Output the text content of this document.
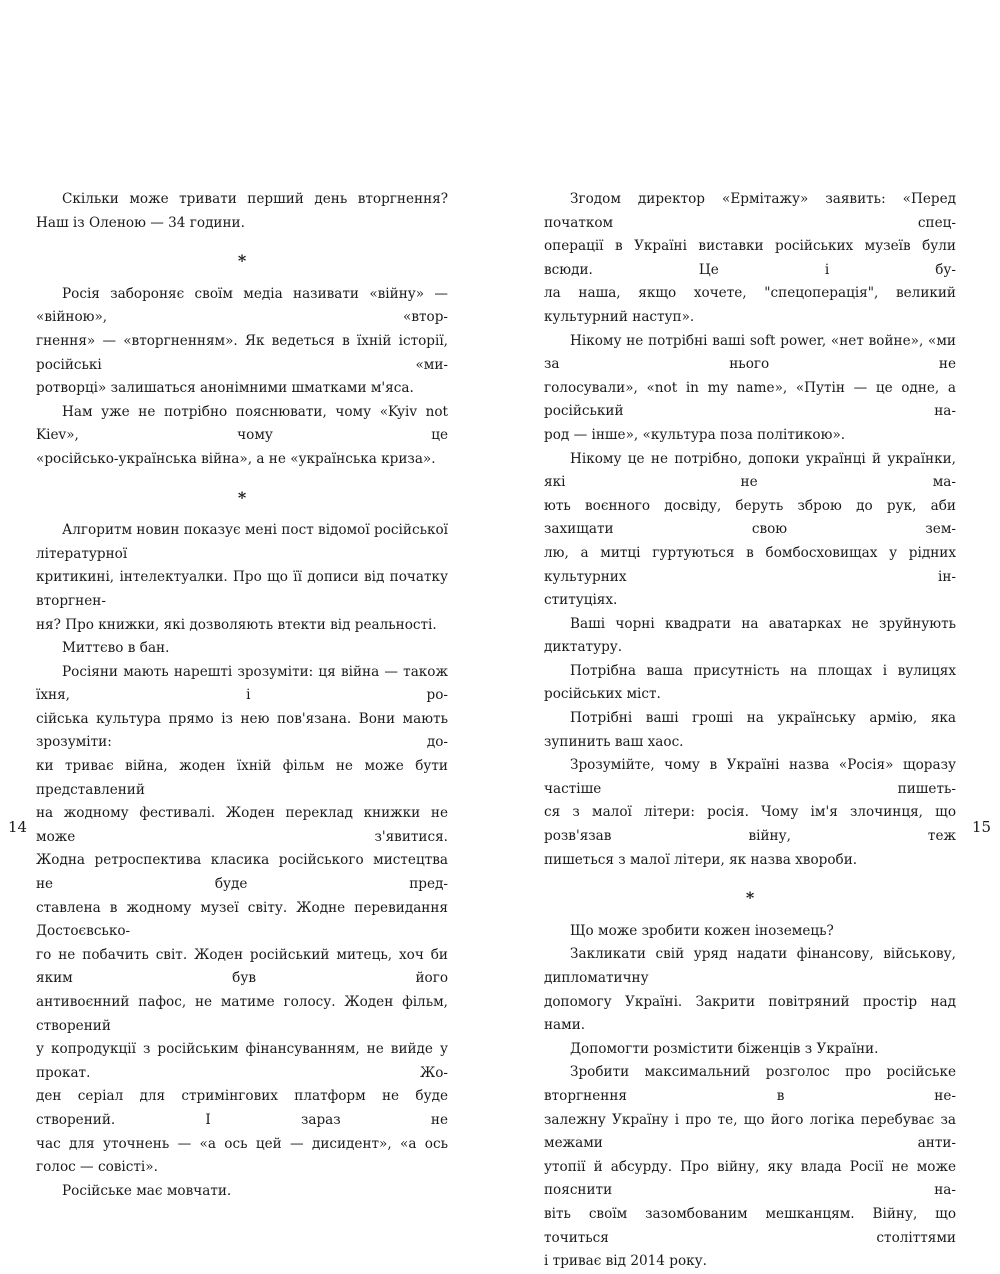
Скільки може тривати перший день вторгнення?
Наш із Оленою — 34 години.
*
Росія забороняє своїм медіа називати «війну» — «війною», «втор-
гнення» — «вторгненням». Як ведеться в їхній історії, російські «ми-
ротворці» залишаться анонімними шматками м'яса.
Нам уже не потрібно пояснювати, чому «Kyiv not Kiev», чому це
«російсько-українська війна», а не «українська криза».
*
Алгоритм новин показує мені пост відомої російської літературної
критикині, інтелектуалки. Про що її дописи від початку вторгнен-
ня? Про книжки, які дозволяють втекти від реальності.
Миттєво в бан.
Росіяни мають нарешті зрозуміти: ця війна — також їхня, і ро-
сійська культура прямо із нею пов'язана. Вони мають зрозуміти: до-
ки триває війна, жоден їхній фільм не може бути представлений
на жодному фестивалі. Жоден переклад книжки не може з'явитися.
Жодна ретроспектива класика російського мистецтва не буде пред-
ставлена в жодному музеї світу. Жодне перевидання Достоєвсько-
го не побачить світ. Жоден російський митець, хоч би яким був його
антивоєнний пафос, не матиме голосу. Жоден фільм, створений
у копродукції з російським фінансуванням, не вийде у прокат. Жо-
ден серіал для стримінгових платформ не буде створений. І зараз не
час для уточнень — «а ось цей — дисидент», «а ось голос — совісті».
Російське має мовчати.
Згодом директор «Ермітажу» заявить: «Перед початком спец-
операції в Україні виставки російських музеїв були всюди. Це і бу-
ла наша, якщо хочете, "спецоперація", великий культурний наступ».
Нікому не потрібні ваші soft power, «нет войне», «ми за нього не
голосували», «not in my name», «Путін — це одне, а російський на-
род — інше», «культура поза політикою».
Нікому це не потрібно, допоки українці й українки, які не ма-
ють воєнного досвіду, беруть зброю до рук, аби захищати свою зем-
лю, а митці гуртуються в бомбосховищах у рідних культурних ін-
ституціях.
Ваші чорні квадрати на аватарках не зруйнують диктатуру.
Потрібна ваша присутність на площах і вулицях російських міст.
Потрібні ваші гроші на українську армію, яка зупинить ваш хаос.
Зрозумійте, чому в Україні назва «Росія» щоразу частіше пишеть-
ся з малої літери: росія. Чому ім'я злочинця, що розв'язав війну, теж
пишеться з малої літери, як назва хвороби.
*
Що може зробити кожен іноземець?
Закликати свій уряд надати фінансову, військову, дипломатичну
допомогу Україні. Закрити повітряний простір над нами.
Допомогти розмістити біженців з України.
Зробити максимальний розголос про російське вторгнення в не-
залежну Україну і про те, що його логіка перебуває за межами анти-
утопії й абсурду. Про війну, яку влада Росії не може пояснити на-
віть своїм зазомбованим мешканцям. Війну, що точиться століттями
і триває від 2014 року.
14	15
